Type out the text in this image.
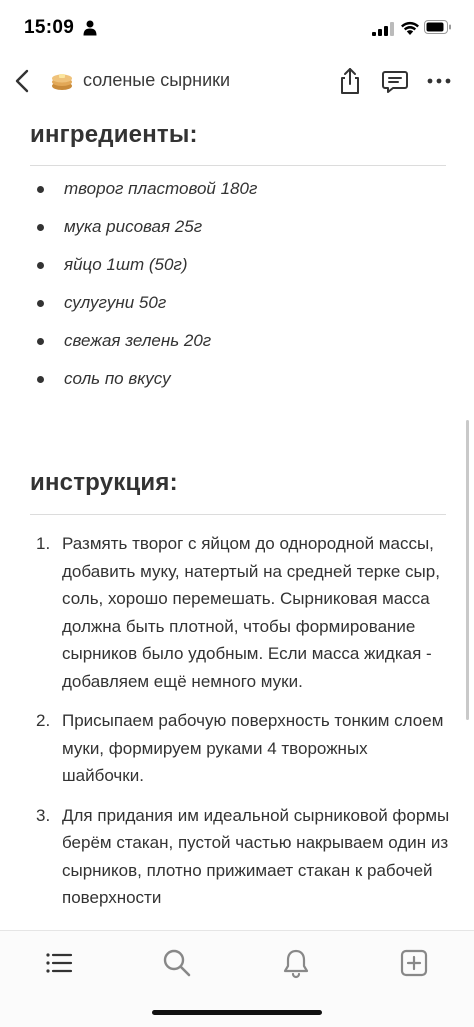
15:09
соленые сырники
ингредиенты:
творог пластовой 180г
мука рисовая 25г
яйцо 1шт (50г)
сулугуни 50г
свежая зелень 20г
соль по вкусу
инструкция:
1. Размять творог с яйцом до однородной массы, добавить муку, натертый на средней терке сыр, соль, хорошо перемешать. Сырниковая масса должна быть плотной, чтобы формирование сырников было удобным. Если масса жидкая - добавляем ещё немного муки.
2. Присыпаем рабочую поверхность тонким слоем муки, формируем руками 4 творожных шайбочки.
3. Для придания им идеальной сырниковой формы берём стакан, пустой частью накрываем один из сырников, плотно прижимает стакан к рабочей поверхности
